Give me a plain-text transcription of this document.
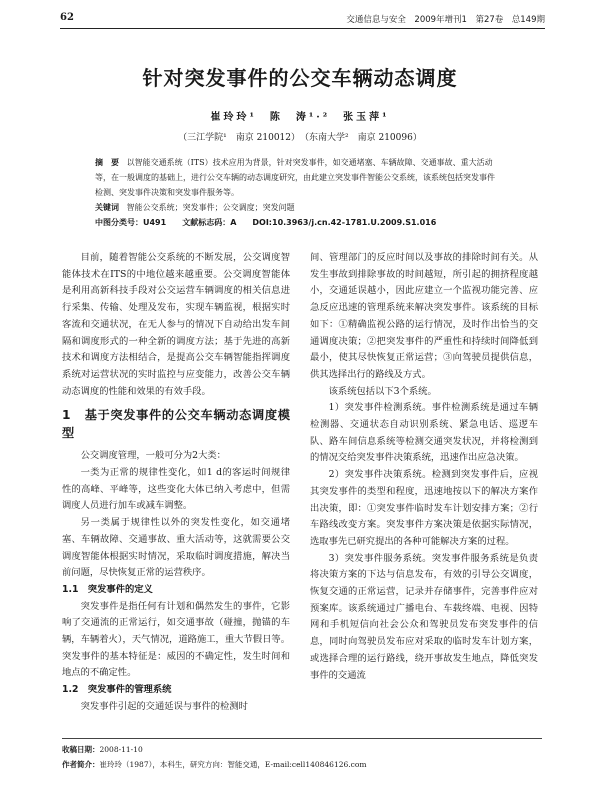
62	交通信息与安全　2009年增刊1　第27卷　总149期
针对突发事件的公交车辆动态调度
崔玲玲¹　陈　涛¹·²　张玉萍¹
（三江学院¹　南京 210012）　（东南大学²　南京 210096）
摘　要 以智能交通系统（ITS）技术应用为背景，针对突发事件，如交通堵塞、车辆故障、交通事故、重大活动等，在一般调度的基础上，进行公交车辆的动态调度研究，由此建立突发事件智能公交系统，该系统包括突发事件检测、突发事件决策和突发事件服务等。
关键词 智能公交系统；突发事件；公交调度；突发问题
中图分类号：U491　　文献标志码：A　　DOI:10.3963/j.cn.42-1781.U.2009.S1.016

目前，随着智能公交系统的不断发展，公交调度智能体技术在ITS的中地位越来越重要。公交调度智能体是利用高新科技手段对公交运营车辆调度的相关信息进行采集、传输、处理及发布，实现车辆监视，根据实时客流和交通状况，在无人参与的情况下自动给出发车间隔和调度形式的一种全新的调度方法；基于先进的高新技术和调度方法相结合，是提高公交车辆智能指挥调度系统对运营状况的实时监控与应变能力，改善公交车辆动态调度的性能和效果的有效手段。

1 基于突发事件的公交车辆动态调度模型

公交调度管理，一般可分为2大类：

一类为正常的规律性变化，如1 d的客运时间规律性的高峰、平峰等，这些变化大体已纳入考虑中，但需调度人员进行加车或减车调整。

另一类属于规律性以外的突发性变化，如交通堵塞、车辆故障、交通事故、重大活动等，这就需要公交调度智能体根据实时情况，采取临时调度措施，解决当前问题，尽快恢复正常的运营秩序。

1.1　突发事件的定义

突发事件是指任何有计划和偶然发生的事件，它影响了交通流的正常运行，如交通事故（碰撞，抛锚的车辆，车辆着火），天气情况，道路施工，重大节假日等。突发事件的基本特征是：威因的不确定性，发生时间和地点的不确定性。

1.2　突发事件的管理系统

突发事件引起的交通延误与事件的检测时

间、管理部门的反应时间以及事故的排除时间有关。从发生事故到排除事故的时间越短，所引起的拥挤程度越小，交通延误越小，因此应建立一个监视功能完善、应急反应迅速的管理系统来解决突发事件。该系统的目标如下：①精确监视公路的运行情况，及时作出恰当的交通调度决策；②把突发事件的严重性和持续时间降低到最小，使其尽快恢复正常运营；③向驾驶员提供信息，供其选择出行的路线及方式。

该系统包括以下3个系统。

1）突发事件检测系统。事件检测系统是通过车辆检测器、交通状态自动识别系统、紧急电话、巡逻车队、路车间信息系统等检测交通突发状况，并将检测到的情况交给突发事件决策系统，迅速作出应急决策。

2）突发事件决策系统。检测到突发事件后，应视其突发事件的类型和程度，迅速地按以下的解决方案作出决策，即：①突发事件临时发车计划安排方案；②行车路线改变方案。突发事件方案决策是依据实际情况，选取事先已研究提出的各种可能解决方案的过程。

3）突发事件服务系统。突发事件服务系统是负责将决策方案的下达与信息发布，有效的引导公交调度，恢复交通的正常运营，记录并存储事件，完善事件应对预案库。该系统通过广播电台、车载终端、电视、因特网和手机短信向社会公众和驾驶员发布突发事件的信息，同时向驾驶员发布应对采取的临时发车计划方案，或选择合理的运行路线，绕开事故发生地点，降低突发事件的交通流

收稿日期：2008-11-10
作者简介：崔玲玲（1987），本科生，研究方向：智能交通，E-mail:cell140846126.com
